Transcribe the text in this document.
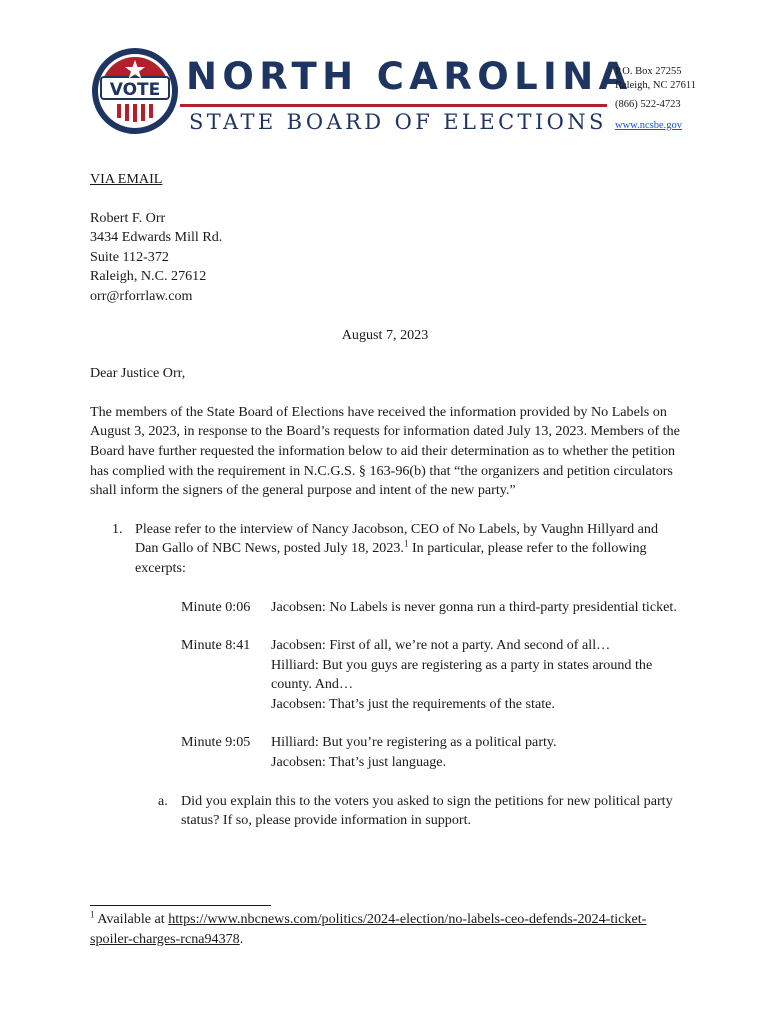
VOTE NORTH CAROLINA
STATE BOARD OF ELECTIONS
P.O. Box 27255
Raleigh, NC 27611
(866) 522-4723
www.ncsbe.gov
VIA EMAIL
Robert F. Orr
3434 Edwards Mill Rd.
Suite 112-372
Raleigh, N.C. 27612
orr@rforrlaw.com
August 7, 2023
Dear Justice Orr,
The members of the State Board of Elections have received the information provided by No Labels on August 3, 2023, in response to the Board’s requests for information dated July 13, 2023. Members of the Board have further requested the information below to aid their determination as to whether the petition has complied with the requirement in N.C.G.S. § 163-96(b) that “the organizers and petition circulators shall inform the signers of the general purpose and intent of the new party.”
1. Please refer to the interview of Nancy Jacobson, CEO of No Labels, by Vaughn Hillyard and Dan Gallo of NBC News, posted July 18, 2023.$^1$ In particular, please refer to the following excerpts:
Minute 0:06	Jacobsen: No Labels is never gonna run a third-party presidential ticket.
Minute 8:41	Jacobsen: First of all, we’re not a party. And second of all…
Hilliard: But you guys are registering as a party in states around the county. And…
Jacobsen: That’s just the requirements of the state.
Minute 9:05	Hilliard: But you’re registering as a political party.
Jacobsen: That’s just language.
a. Did you explain this to the voters you asked to sign the petitions for new political party status? If so, please provide information in support.
$^1$ Available at https://www.nbcnews.com/politics/2024-election/no-labels-ceo-defends-2024-ticket-spoiler-charges-rcna94378.
